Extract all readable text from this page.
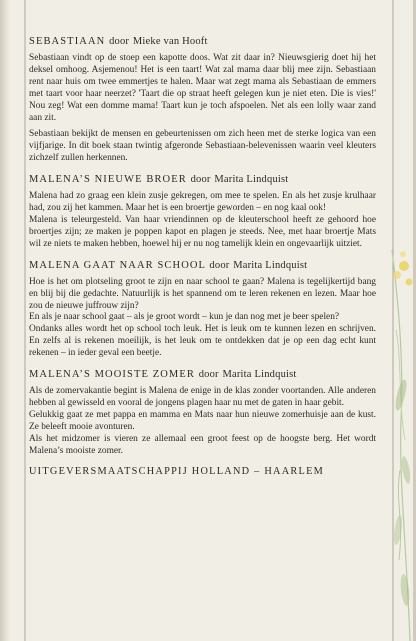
SEBASTIAAN door Mieke van Hooft

Sebastiaan vindt op de stoep een kapotte doos. Wat zit daar in? Nieuwsgierig doet hij het deksel omhoog. Asjemenou! Het is een taart! Wat zal mama daar blij mee zijn. Sebastiaan rent naar huis om twee emmertjes te halen. Maar wat zegt mama als Sebastiaan de emmers met taart voor haar neerzet? 'Taart die op straat heeft gelegen kun je niet eten. Die is vies!' Nou zeg! Wat een domme mama! Taart kun je toch afspoelen. Net als een lolly waar zand aan zit.

Sebastiaan bekijkt de mensen en gebeurtenissen om zich heen met de sterke logica van een vijfjarige. In dit boek staan twintig afgeronde Sebastiaan-belevenissen waarin veel kleuters zichzelf zullen herkennen.

MALENA’S NIEUWE BROER door Marita Lindquist

Malena had zo graag een klein zusje gekregen, om mee te spelen. En als het zusje krulhaar had, zou zij het kammen. Maar het is een broertje geworden – en nog kaal ook!

Malena is teleurgesteld. Van haar vriendinnen op de kleuterschool heeft ze gehoord hoe broertjes zijn; ze maken je poppen kapot en plagen je steeds. Nee, met haar broertje Mats wil ze niets te maken hebben, hoewel hij er nu nog tamelijk klein en ongevaarlijk uitziet.

MALENA GAAT NAAR SCHOOL door Marita Lindquist

Hoe is het om plotseling groot te zijn en naar school te gaan? Malena is tegelijkertijd bang en blij bij die gedachte. Natuurlijk is het spannend om te leren rekenen en lezen. Maar hoe zou de nieuwe juffrouw zijn?

En als je naar school gaat – als je groot wordt – kun je dan nog met je beer spelen?

Ondanks alles wordt het op school toch leuk. Het is leuk om te kunnen lezen en schrijven. En zelfs al is rekenen moeilijk, is het leuk om te ontdekken dat je op een dag echt kunt rekenen – in ieder geval een beetje.

MALENA’S MOOISTE ZOMER door Marita Lindquist

Als de zomervakantie begint is Malena de enige in de klas zonder voortanden. Alle anderen hebben al gewisseld en vooral de jongens plagen haar nu met de gaten in haar gebit.

Gelukkig gaat ze met pappa en mamma en Mats naar hun nieuwe zomerhuisje aan de kust. Ze beleeft mooie avonturen.

Als het midzomer is vieren ze allemaal een groot feest op de hoogste berg. Het wordt Malena’s mooiste zomer.

UITGEVERSMAATSCHAPPIJ HOLLAND – HAARLEM
